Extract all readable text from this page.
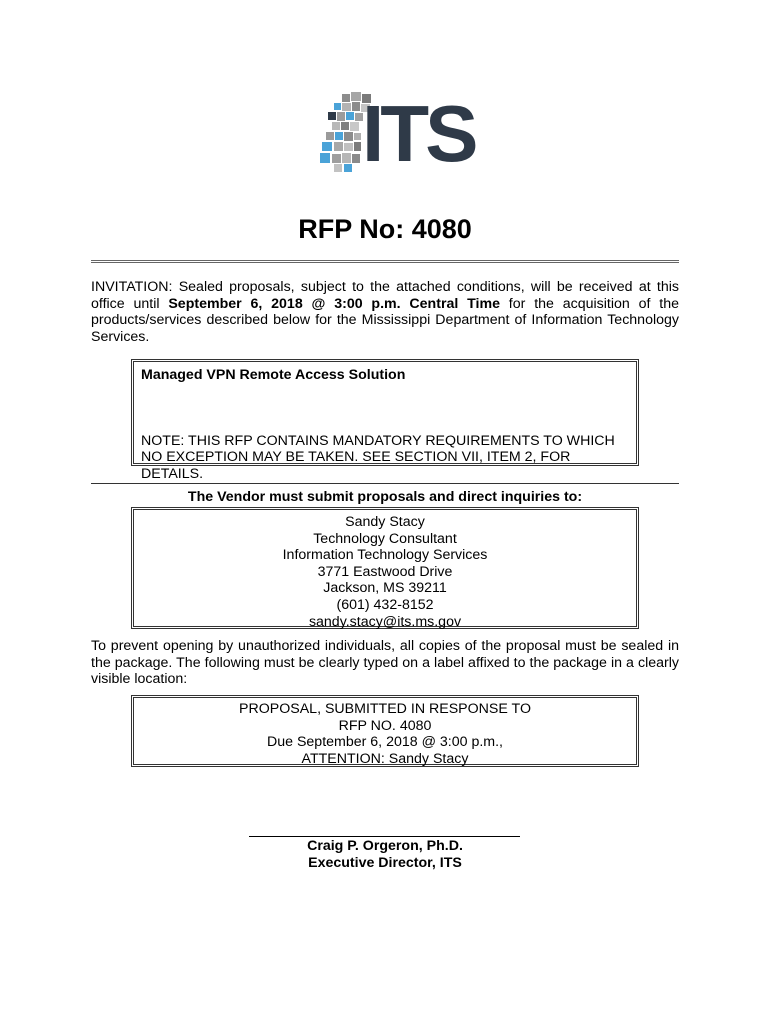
ITS
RFP No: 4080
INVITATION: Sealed proposals, subject to the attached conditions, will be received at this office until September 6, 2018 @ 3:00 p.m. Central Time for the acquisition of the products/services described below for the Mississippi Department of Information Technology Services.
Managed VPN Remote Access Solution
NOTE: THIS RFP CONTAINS MANDATORY REQUIREMENTS TO WHICH NO EXCEPTION MAY BE TAKEN. SEE SECTION VII, ITEM 2, FOR DETAILS.
The Vendor must submit proposals and direct inquiries to:
Sandy Stacy
Technology Consultant
Information Technology Services
3771 Eastwood Drive
Jackson, MS 39211
(601) 432-8152
sandy.stacy@its.ms.gov
To prevent opening by unauthorized individuals, all copies of the proposal must be sealed in the package. The following must be clearly typed on a label affixed to the package in a clearly visible location:
PROPOSAL, SUBMITTED IN RESPONSE TO
RFP NO. 4080
Due September 6, 2018 @ 3:00 p.m.,
ATTENTION: Sandy Stacy
Craig P. Orgeron, Ph.D.
Executive Director, ITS
